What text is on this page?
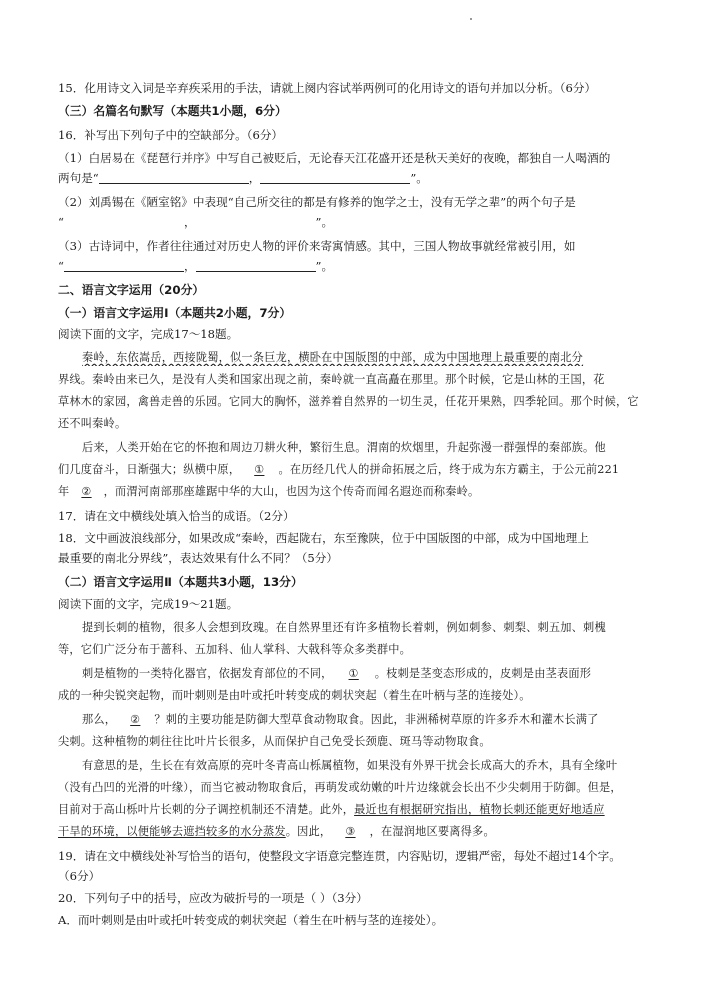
15．化用诗文入词是辛弃疾采用的手法，请就上阕内容试举两例可的化用诗文的语句并加以分析。（6分）
（三）名篇名句默写（本题共1小题，6分）
16．补写出下列句子中的空缺部分。（6分）
（1）白居易在《琵琶行并序》中写自己被贬后，无论春天江花盛开还是秋天美好的夜晚，都独自一人喝酒的
两句是“	，	”。
（2）刘禹锡在《陋室铭》中表现“自己所交往的都是有修养的饱学之士，没有无学之辈”的两个句子是
“	，	”。
（3）古诗词中，作者往往通过对历史人物的评价来寄寓情感。其中，三国人物故事就经常被引用，如
“	，	”。
二、语言文字运用（20分）
（一）语言文字运用Ⅰ（本题共2小题，7分）
阅读下面的文字，完成17～18题。
秦岭，东依嵩岳，西接陇蜀，似一条巨龙，横卧在中国版图的中部，成为中国地理上最重要的南北分
界线。秦岭由来已久，是没有人类和国家出现之前，秦岭就一直高矗在那里。那个时候，它是山林的王国，花
草林木的家园，禽兽走兽的乐园。它同大的胸怀，滋养着自然界的一切生灵，任花开果熟，四季轮回。那个时候，它
还不叫秦岭。
后来，人类开始在它的怀抱和周边刀耕火种，繁衍生息。渭南的炊烟里，升起弥漫一群强悍的秦部族。他
们几度奋斗，日渐强大；纵横中原， ① 。在历经几代人的拼命拓展之后，终于成为东方霸主，于公元前221
年 ② ，而渭河南部那座雄踞中华的大山，也因为这个传奇而闻名遐迩而称秦岭。
17．请在文中横线处填入恰当的成语。（2分）
18．文中画波浪线部分，如果改成“秦岭，西起陇右，东至豫陕，位于中国版图的中部，成为中国地理上
最重要的南北分界线”，表达效果有什么不同？（5分）
（二）语言文字运用Ⅱ（本题共3小题，13分）
阅读下面的文字，完成19～21题。
提到长刺的植物，很多人会想到玫瑰。在自然界里还有许多植物长着刺，例如刺参、刺梨、刺五加、刺槐
等，它们广泛分布于蔷科、五加科、仙人掌科、大戟科等众多类群中。
刺是植物的一类特化器官，依据发育部位的不同， ① 。枝刺是茎变态形成的，皮刺是由茎表面形
成的一种尖锐突起物，而叶刺则是由叶或托叶转变成的刺状突起（着生在叶柄与茎的连接处）。
那么， ② ？刺的主要功能是防御大型草食动物取食。因此，非洲稀树草原的许多乔木和灌木长满了
尖刺。这种植物的刺往往比叶片长很多，从而保护自己免受长颈鹿、斑马等动物取食。
有意思的是，生长在有效高原的亮叶冬青高山栎属植物，如果没有外界干扰会长成高大的乔木，具有全缘叶
（没有凸凹的光滑的叶缘），而当它被动物取食后，再萌发或幼嫩的叶片边缘就会长出不少尖刺用于防御。但是，
目前对于高山栎叶片长刺的分子调控机制还不清楚。此外，最近也有根据研究指出，植物长刺还能更好地适应
干旱的环境，以便能够去遮挡较多的水分蒸发。因此， ③ ，在湿润地区要离得多。
19．请在文中横线处补写恰当的语句，使整段文字语意完整连贯，内容贴切，逻辑严密，每处不超过14个字。
（6分）
20．下列句子中的括号，应改为破折号的一项是（ ）（3分）
A．而叶刺则是由叶或托叶转变成的刺状突起（着生在叶柄与茎的连接处）。
